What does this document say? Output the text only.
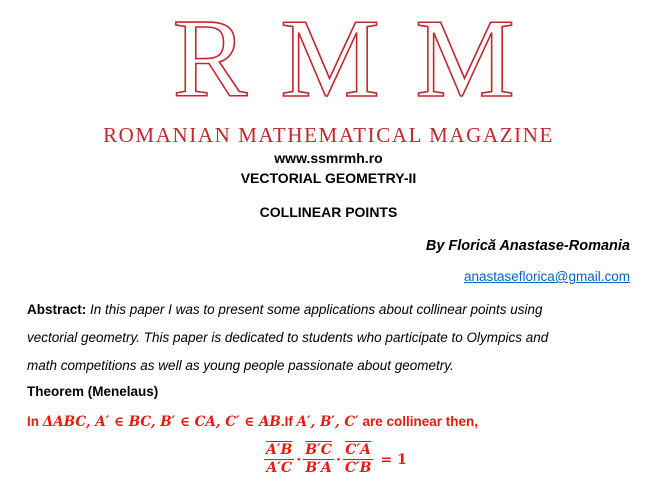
R M M
ROMANIAN MATHEMATICAL MAGAZINE
www.ssmrmh.ro
VECTORIAL GEOMETRY-II
COLLINEAR POINTS
By Florică Anastase-Romania
anastaseflorica@gmail.com
Abstract: In this paper I was to present some applications about collinear points using
vectorial geometry. This paper is dedicated to students who participate to Olympics and
math competitions as well as young people passionate about geometry.
Theorem (Menelaus)
In ΔABC, A′ ∈ BC, B′ ∈ CA, C′ ∈ AB.If A′, B′, C′ are collinear then,
$\frac{A'B}{A'C} \cdot \frac{B'C}{B'A} \cdot \frac{C'A}{C'B} = 1$
